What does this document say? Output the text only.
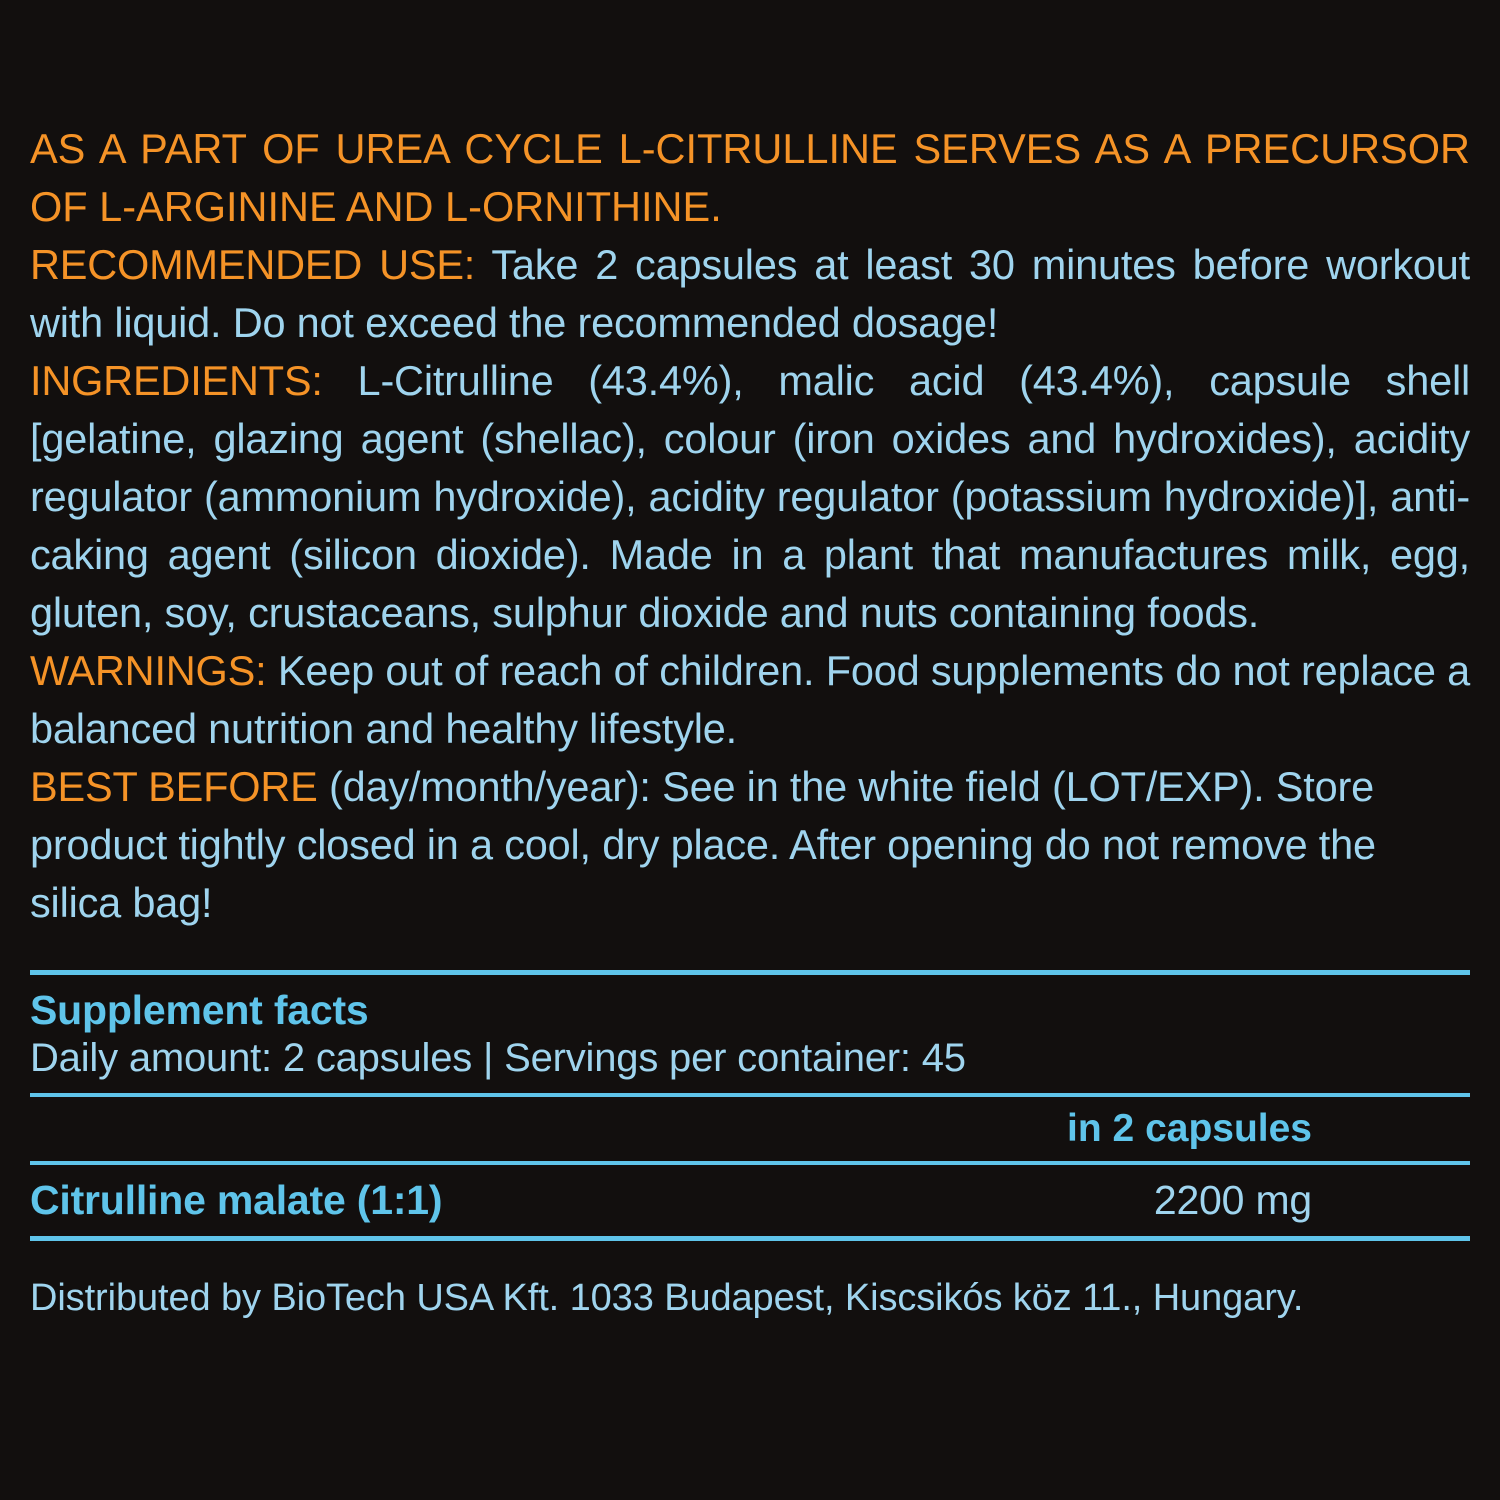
AS A PART OF UREA CYCLE L-CITRULLINE SERVES AS A PRECURSOR OF L-ARGININE AND L-ORNITHINE.

RECOMMENDED USE: Take 2 capsules at least 30 minutes before workout with liquid. Do not exceed the recommended dosage!

INGREDIENTS: L-Citrulline (43.4%), malic acid (43.4%), capsule shell [gelatine, glazing agent (shellac), colour (iron oxides and hydroxides), acidity regulator (ammonium hydroxide), acidity regulator (potassium hydroxide)], anti-caking agent (silicon dioxide). Made in a plant that manufactures milk, egg, gluten, soy, crustaceans, sulphur dioxide and nuts containing foods.

WARNINGS: Keep out of reach of children. Food supplements do not replace a balanced nutrition and healthy lifestyle.

BEST BEFORE (day/month/year): See in the white field (LOT/EXP). Store product tightly closed in a cool, dry place. After opening do not remove the silica bag!

Supplement facts
Daily amount: 2 capsules | Servings per container: 45
in 2 capsules
Citrulline malate (1:1)	2200 mg
Distributed by BioTech USA Kft. 1033 Budapest, Kiscsikós köz 11., Hungary.
